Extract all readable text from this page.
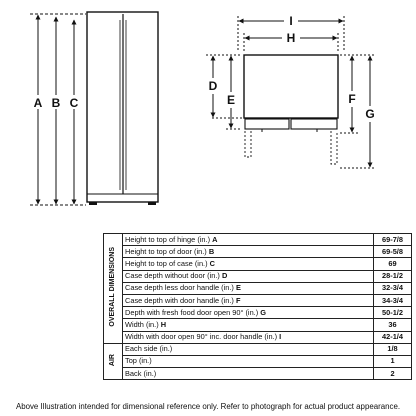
A B C
I
H
D
E	F
G
OVERALL DIMENSIONS	Height to top of hinge (in.) A	69-7/8
	Height to top of door (in.) B	69-5/8
	Height to top of case (in.) C	69
	Case depth without door (in.) D	28-1/2
	Case depth less door handle (in.) E	32-3/4
	Case depth with door handle (in.) F	34-3/4
	Depth with fresh food door open 90° (in.) G	50-1/2
	Width (in.) H	36
	Width with door open 90° inc. door handle (in.) I	42-1/4
AIR	Each side (in.)	1/8
	Top (in.)	1
	Back (in.)	2
Above Illustration intended for dimensional reference only. Refer to photograph for actual product appearance.
